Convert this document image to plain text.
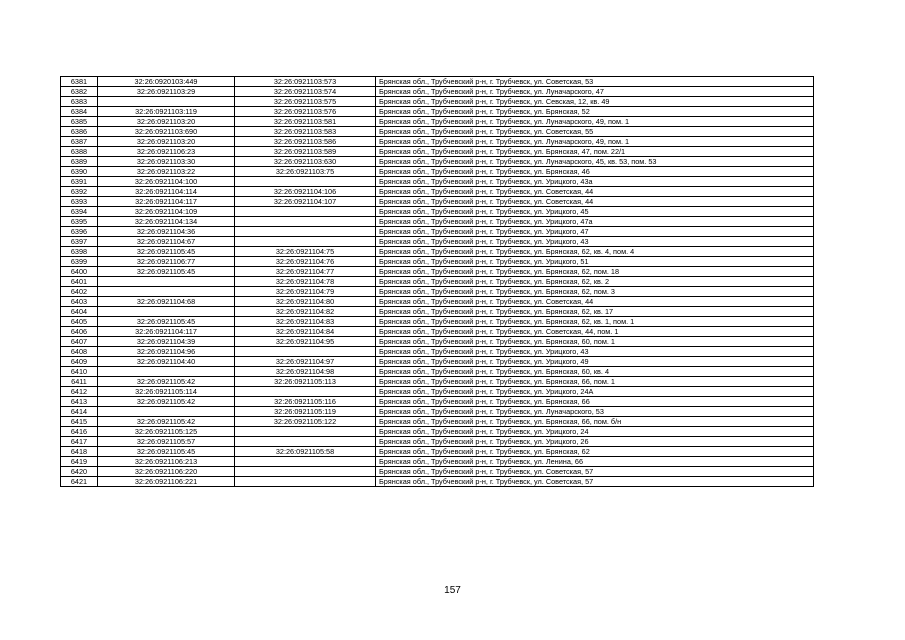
6381	32:26:0920103:449	32:26:0921103:573	Брянская обл., Трубчевский р-н, г. Трубчевск, ул. Советская, 53
6382	32:26:0921103:29	32:26:0921103:574	Брянская обл., Трубчевский р-н, г. Трубчевск, ул. Луначарского, 47
6383		32:26:0921103:575	Брянская обл., Трубчевский р-н, г. Трубчевск, ул. Севская, 12, кв. 49
6384	32:26:0921103:119	32:26:0921103:576	Брянская обл., Трубчевский р-н, г. Трубчевск, ул. Брянская, 52
6385	32:26:0921103:20	32:26:0921103:581	Брянская обл., Трубчевский р-н, г. Трубчевск, ул. Луначарского, 49, пом. 1
6386	32:26:0921103:690	32:26:0921103:583	Брянская обл., Трубчевский р-н, г. Трубчевск, ул. Советская, 55
6387	32:26:0921103:20	32:26:0921103:586	Брянская обл., Трубчевский р-н, г. Трубчевск, ул. Луначарского, 49, пом. 1
6388	32:26:0921106:23	32:26:0921103:589	Брянская обл., Трубчевский р-н, г. Трубчевск, ул. Брянская, 47, пом. 22/1
6389	32:26:0921103:30	32:26:0921103:630	Брянская обл., Трубчевский р-н, г. Трубчевск, ул. Луначарского, 45, кв. 53, пом. 53
6390	32:26:0921103:22	32:26:0921103:75	Брянская обл., Трубчевский р-н, г. Трубчевск, ул. Брянская, 46
6391	32:26:0921104:100		Брянская обл., Трубчевский р-н, г. Трубчевск, ул. Урицкого, 43а
6392	32:26:0921104:114	32:26:0921104:106	Брянская обл., Трубчевский р-н, г. Трубчевск, ул. Советская, 44
6393	32:26:0921104:117	32:26:0921104:107	Брянская обл., Трубчевский р-н, г. Трубчевск, ул. Советская, 44
6394	32:26:0921104:109		Брянская обл., Трубчевский р-н, г. Трубчевск, ул. Урицкого, 45
6395	32:26:0921104:134		Брянская обл., Трубчевский р-н, г. Трубчевск, ул. Урицкого, 47а
6396	32:26:0921104:36		Брянская обл., Трубчевский р-н, г. Трубчевск, ул. Урицкого, 47
6397	32:26:0921104:67		Брянская обл., Трубчевский р-н, г. Трубчевск, ул. Урицкого, 43
6398	32:26:0921105:45	32:26:0921104:75	Брянская обл., Трубчевский р-н, г. Трубчевск, ул. Брянская, 62, кв. 4, пом. 4
6399	32:26:0921106:77	32:26:0921104:76	Брянская обл., Трубчевский р-н, г. Трубчевск, ул. Урицкого, 51
6400	32:26:0921105:45	32:26:0921104:77	Брянская обл., Трубчевский р-н, г. Трубчевск, ул. Брянская, 62, пом. 18
6401		32:26:0921104:78	Брянская обл., Трубчевский р-н, г. Трубчевск, ул. Брянская, 62, кв. 2
6402		32:26:0921104:79	Брянская обл., Трубчевский р-н, г. Трубчевск, ул. Брянская, 62, пом. 3
6403	32:26:0921104:68	32:26:0921104:80	Брянская обл., Трубчевский р-н, г. Трубчевск, ул. Советская, 44
6404		32:26:0921104:82	Брянская обл., Трубчевский р-н, г. Трубчевск, ул. Брянская, 62, кв. 17
6405	32:26:0921105:45	32:26:0921104:83	Брянская обл., Трубчевский р-н, г. Трубчевск, ул. Брянская, 62, кв. 1, пом. 1
6406	32:26:0921104:117	32:26:0921104:84	Брянская обл., Трубчевский р-н, г. Трубчевск, ул. Советская, 44, пом. 1
6407	32:26:0921104:39	32:26:0921104:95	Брянская обл., Трубчевский р-н, г. Трубчевск, ул. Брянская, 60, пом. 1
6408	32:26:0921104:96		Брянская обл., Трубчевский р-н, г. Трубчевск, ул. Урицкого, 43
6409	32:26:0921104:40	32:26:0921104:97	Брянская обл., Трубчевский р-н, г. Трубчевск, ул. Урицкого, 49
6410		32:26:0921104:98	Брянская обл., Трубчевский р-н, г. Трубчевск, ул. Брянская, 60, кв. 4
6411	32:26:0921105:42	32:26:0921105:113	Брянская обл., Трубчевский р-н, г. Трубчевск, ул. Брянская, 66, пом. 1
6412	32:26:0921105:114		Брянская обл., Трубчевский р-н, г. Трубчевск, ул. Урицкого, 24А
6413	32:26:0921105:42	32:26:0921105:116	Брянская обл., Трубчевский р-н, г. Трубчевск, ул. Брянская, 66
6414		32:26:0921105:119	Брянская обл., Трубчевский р-н, г. Трубчевск, ул. Луначарского, 53
6415	32:26:0921105:42	32:26:0921105:122	Брянская обл., Трубчевский р-н, г. Трубчевск, ул. Брянская, 66, пом. б/н
6416	32:26:0921105:125		Брянская обл., Трубчевский р-н, г. Трубчевск, ул. Урицкого, 24
6417	32:26:0921105:57		Брянская обл., Трубчевский р-н, г. Трубчевск, ул. Урицкого, 26
6418	32:26:0921105:45	32:26:0921105:58	Брянская обл., Трубчевский р-н, г. Трубчевск, ул. Брянская, 62
6419	32:26:0921106:213		Брянская обл., Трубчевский р-н, г. Трубчевск, ул. Ленина, 66
6420	32:26:0921106:220		Брянская обл., Трубчевский р-н, г. Трубчевск, ул. Советская, 57
6421	32:26:0921106:221		Брянская обл., Трубчевский р-н, г. Трубчевск, ул. Советская, 57
157
